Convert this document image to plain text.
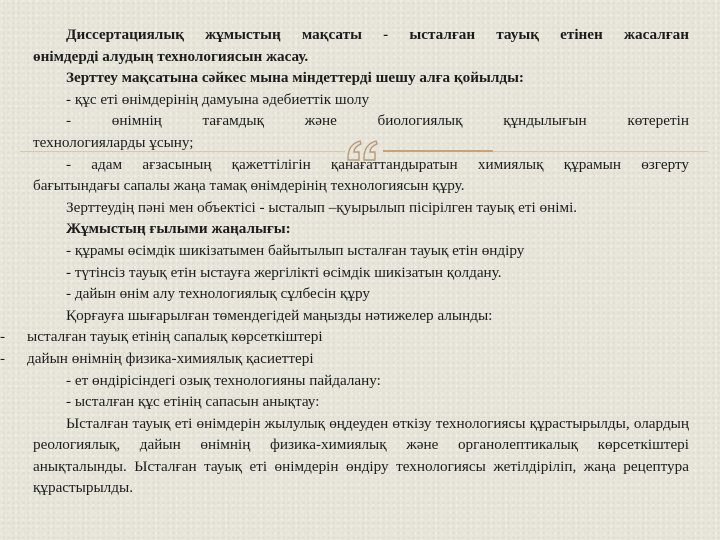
Диссертациялық жұмыстың мақсаты - ысталған тауық етінен жасалған

өнімдерді алудың технологиясын жасау.

Зерттеу мақсатына сәйкес мына міндеттерді шешу алға қойылды:

- құс еті өнімдерінің дамуына әдебиеттік шолу

- өнімнің тағамдық және биологиялық құндылығын көтеретін

технологияларды ұсыну;

- адам ағзасының қажеттілігін қанағаттандыратын химиялық құрамын өзгерту

бағытындағы сапалы жаңа тамақ өнімдерінің технологиясын құру.

Зерттеудің пәні мен объектісі - ысталып –қуырылып пісірілген тауық еті өнімі.

Жұмыстың ғылыми жаңалығы:

- құрамы өсімдік шикізатымен байытылып ысталған тауық етін өндіру

- түтінсіз тауық етін ыстауға жергілікті өсімдік шикізатын қолдану.

- дайын өнім алу технологиялық сұлбесін құру

Қорғауға шығарылған төмендегідей маңызды нәтижелер алынды:

- ысталған тауық етінің сапалық көрсеткіштері

- дайын өнімнің физика-химиялық қасиеттері

- ет өндірісіндегі озық технологияны пайдалану:

- ысталған құс етінің сапасын анықтау:

Ысталған тауық еті өнімдерін жылулық өңдеуден өткізу технологиясы құрастырылды, олардың реологиялық, дайын өнімнің физика-химиялық және органолептикалық көрсеткіштері анықталынды. Ысталған тауық еті өнімдерін өндіру технологиясы жетілдіріліп, жаңа рецептура құрастырылды.
